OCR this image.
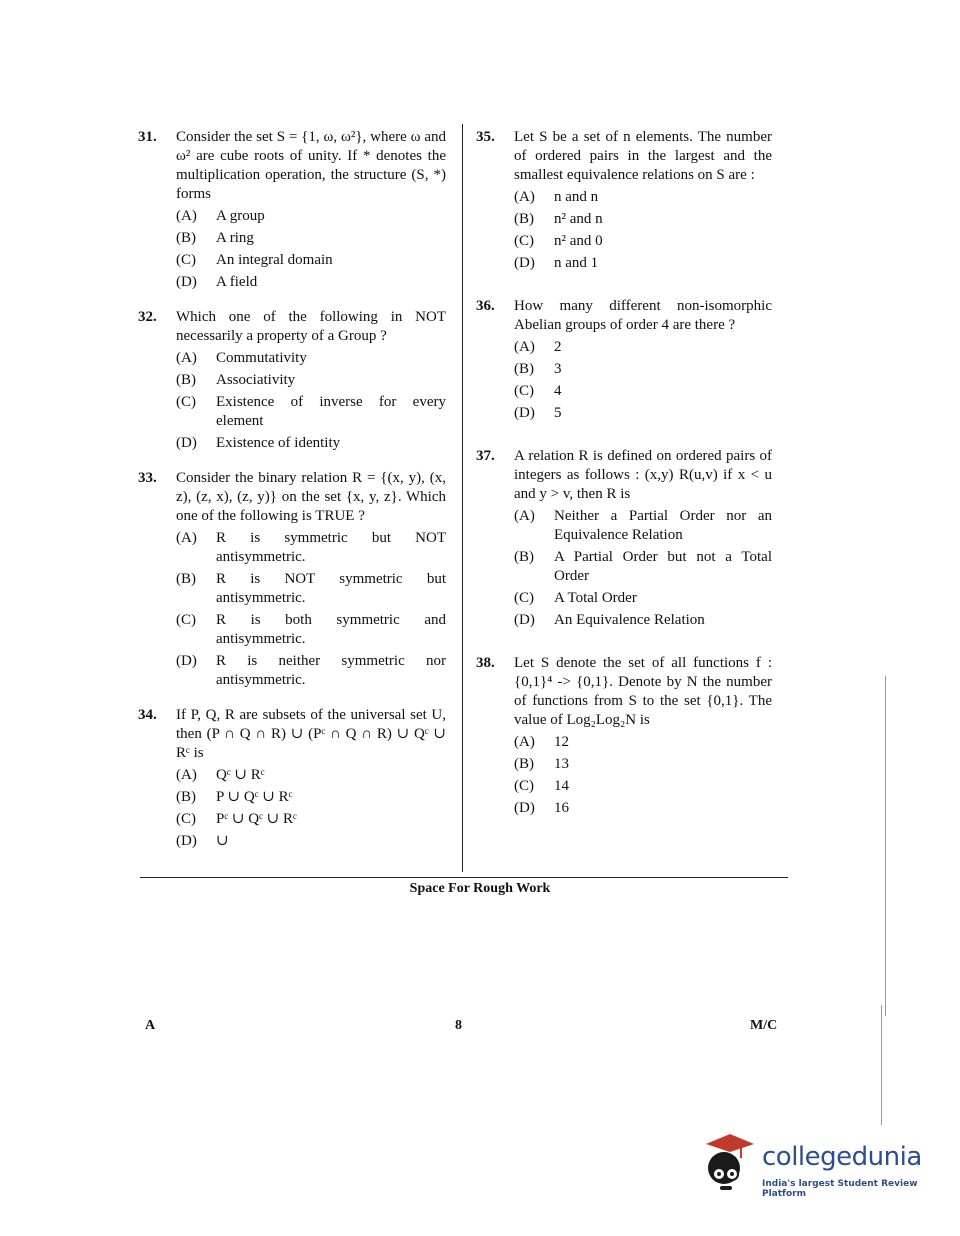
31. Consider the set S = {1, ω, ω²}, where ω and ω² are cube roots of unity. If * denotes the multiplication operation, the structure (S, *) forms
(A)	A group
(B)	A ring
(C)	An integral domain
(D)	A field
32. Which one of the following in NOT necessarily a property of a Group ?
(A)	Commutativity
(B)	Associativity
(C)	Existence of inverse for every element
(D)	Existence of identity
33. Consider the binary relation R = {(x, y), (x, z), (z, x), (z, y)} on the set {x, y, z}. Which one of the following is TRUE ?
(A)	R is symmetric but NOT antisymmetric.
(B)	R is NOT symmetric but antisymmetric.
(C)	R is both symmetric and antisymmetric.
(D)	R is neither symmetric nor antisymmetric.
34. If P, Q, R are subsets of the universal set U, then (P ∩ Q ∩ R) ∪ (Pᶜ ∩ Q ∩ R) ∪ Qᶜ ∪ Rᶜ is
(A)	Qᶜ ∪ Rᶜ
(B)	P ∪ Qᶜ ∪ Rᶜ
(C)	Pᶜ ∪ Qᶜ ∪ Rᶜ
(D)	∪
35. Let S be a set of n elements. The number of ordered pairs in the largest and the smallest equivalence relations on S are :
(A)	n and n
(B)	n² and n
(C)	n² and 0
(D)	n and 1
36. How many different non-isomorphic Abelian groups of order 4 are there ?
(A)	2
(B)	3
(C)	4
(D)	5
37. A relation R is defined on ordered pairs of integers as follows : (x,y) R(u,v) if x < u and y > v, then R is
(A)	Neither a Partial Order nor an Equivalence Relation
(B)	A Partial Order but not a Total Order
(C)	A Total Order
(D)	An Equivalence Relation
38. Let S denote the set of all functions f : {0,1}⁴ -> {0,1}. Denote by N the number of functions from S to the set {0,1}. The value of Log₂Log₂N is
(A)	12
(B)	13
(C)	14
(D)	16
Space For Rough Work
A	8	M/C
collegedunia
India's largest Student Review Platform
